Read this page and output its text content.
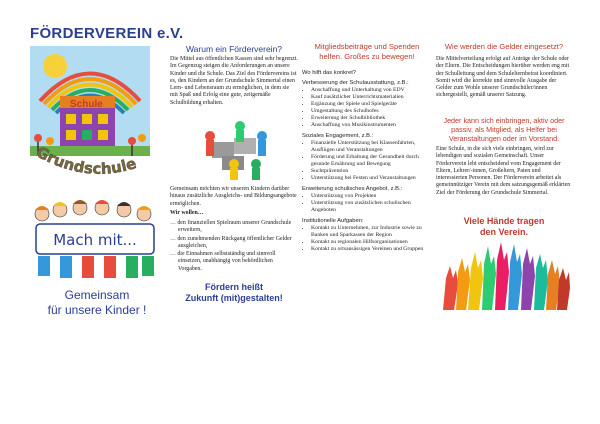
FÖRDERVEREIN e.V.
Schule
Grundschule
Mach mit...
Gemeinsam
für unsere Kinder !
Warum ein Förderverein?
Die Mittel aus öffentlichen Kassen sind sehr begrenzt. Im Gegenzug steigen die Anforderungen an unsere Kinder und die Schule. Das Ziel des Fördervereins ist es, den Kindern an der Grundschule Simmertal einen Lern- und Lebensraum zu ermöglichen, in dem sie mit Spaß und Erfolg eine gute, zeitgemäße Schulbildung erhalten.
Gemeinsam möchten wir unseren Kindern darüber hinaus zusätzliche Ausgleichs- und Bildungsangebote ermöglichen.
Wir wollen…
… den finanziellen Spielraum unserer Grundschule erweitern,
… den zunehmenden Rückgang öffentlicher Gelder ausgleichen,
… die Einnahmen selbstständig und sinnvoll einsetzen, unabhängig von behördlichen Vorgaben.
Fördern heißt
Zukunft (mit)gestalten!
Mitgliedsbeiträge und Spenden
helfen. Großes zu bewegen!
Wo hilft das konkret?
Verbesserung der Schulausstattung, z.B.:
• Anschaffung und Unterhaltung von EDV
• Kauf zusätzlicher Unterrichtsmaterialien
• Ergänzung der Spiele und Spielgeräte
• Umgestaltung des Schulhofes
• Erweiterung der Schulbibliothek
• Anschaffung von Musikinstrumenten
Soziales Engagement, z.B.:
• Finanzielle Unterstützung bei Klassenfahrten, Ausflügen und Veranstaltungen
• Förderung und Erhaltung der Gesundheit durch gesunde Ernährung und Bewegung
• Suchtprävention
• Unterstützung bei Festen und Veranstaltungen
Erweiterung schulisches Angebot, z.B.:
• Unterstützung von Projekten
• Unterstützung von zusätzlichen schulischen Angeboten
Institutionelle Aufgaben:
• Kontakt zu Unternehmen, zur Industrie sowie zu Banken und Sparkassen der Region
• Kontakt zu regionalen Hilfsorganisationen
• Kontakt zu ortsansässigen Vereinen und Gruppen
Wie werden die Gelder eingesetzt?
Die Mittelverteilung erfolgt auf Anträge der Schule oder der Eltern. Die Entscheidungen hierüber werden eng mit der Schulleitung und dem Schulelternbeirat koordiniert. Somit wird die korrekte und sinnvolle Ausgabe der Gelder zum Wohle unserer Grundschüler/innen sichergestellt, gemäß unserer Satzung.
Jeder kann sich einbringen, aktiv oder passiv, als Mitglied, als Helfer bei Veranstaltungen oder im Vorstand.
Eine Schule, in die sich viele einbringen, wird zur lebendigen und sozialen Gemeinschaft. Unser Förderverein lebt entscheidend vom Engagement der Eltern, Lehrer/-innen, Großeltern, Paten und interessierten Personen. Der Förderverein arbeitet als gemeinnütziger Verein mit dem satzungsgemäß erklärten Ziel der Förderung der Grundschule Simmertal.
Viele Hände tragen
den Verein.
